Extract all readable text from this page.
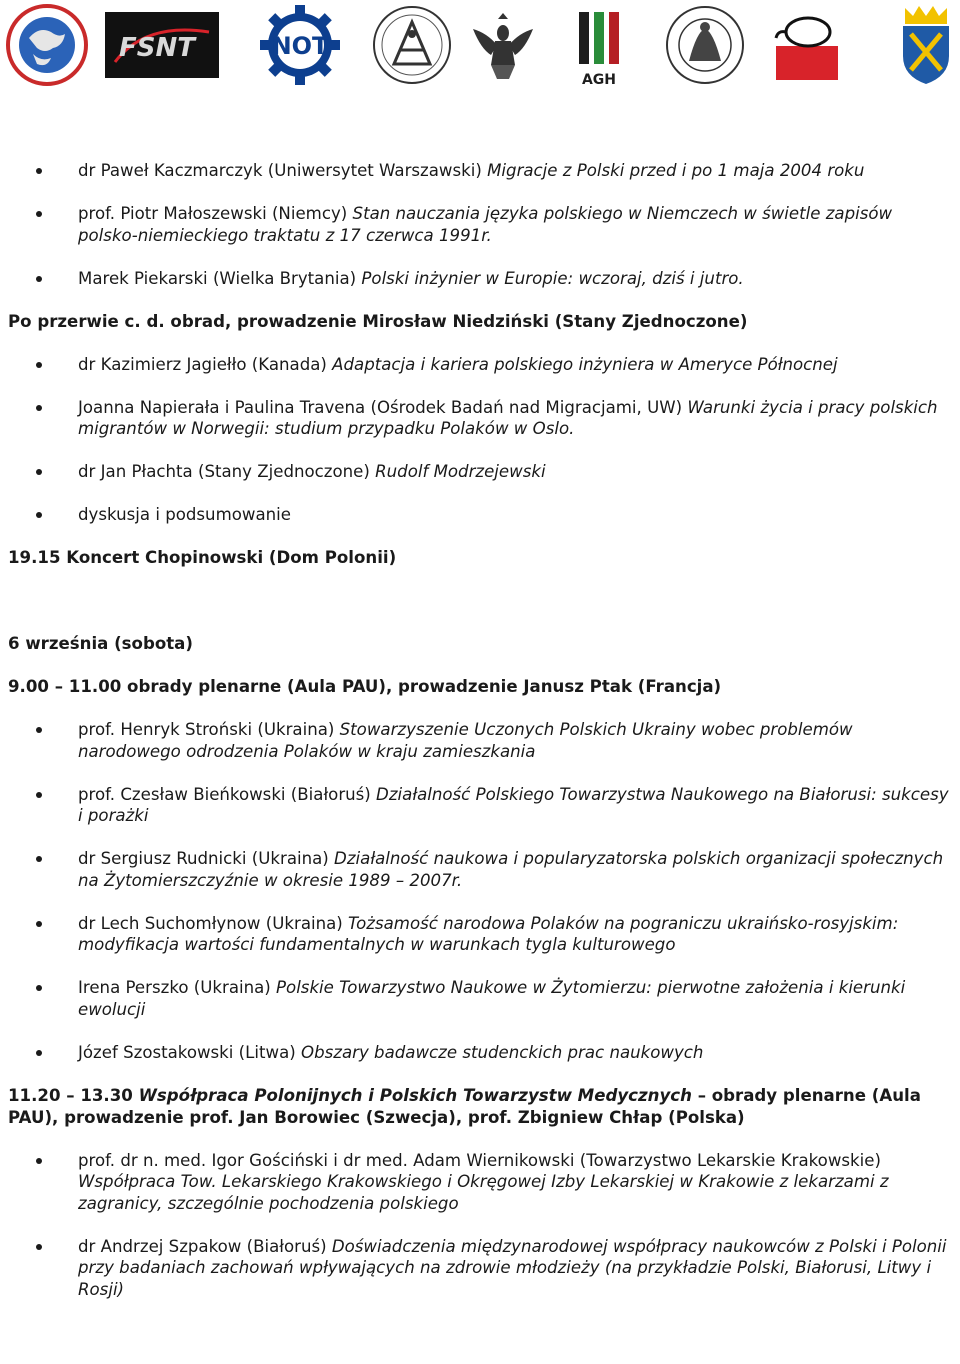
FSNT	NOT
AGH
dr Paweł Kaczmarczyk (Uniwersytet Warszawski) Migracje z Polski przed i po 1 maja 2004 roku
prof. Piotr Małoszewski (Niemcy) Stan nauczania języka polskiego w Niemczech w świetle zapisów polsko-niemieckiego traktatu z 17 czerwca 1991r.
Marek Piekarski (Wielka Brytania) Polski inżynier w Europie: wczoraj, dziś i jutro.

Po przerwie c. d. obrad, prowadzenie Mirosław Niedziński (Stany Zjednoczone)

dr Kazimierz Jagiełło (Kanada) Adaptacja i kariera polskiego inżyniera w Ameryce Północnej
Joanna Napierała i Paulina Travena (Ośrodek Badań nad Migracjami, UW) Warunki życia i pracy polskich migrantów w Norwegii: studium przypadku Polaków w Oslo.
dr Jan Płachta (Stany Zjednoczone) Rudolf Modrzejewski
dyskusja i podsumowanie

19.15 Koncert Chopinowski (Dom Polonii)

6 września (sobota)

9.00 – 11.00 obrady plenarne (Aula PAU), prowadzenie Janusz Ptak (Francja)

prof. Henryk Stroński (Ukraina) Stowarzyszenie Uczonych Polskich Ukrainy wobec problemów narodowego odrodzenia Polaków w kraju zamieszkania
prof. Czesław Bieńkowski (Białoruś) Działalność Polskiego Towarzystwa Naukowego na Białorusi: sukcesy i porażki
dr Sergiusz Rudnicki (Ukraina) Działalność naukowa i popularyzatorska polskich organizacji społecznych na Żytomierszczyźnie w okresie 1989 – 2007r.
dr Lech Suchomłynow (Ukraina) Tożsamość narodowa Polaków na pograniczu ukraińsko-rosyjskim: modyfikacja wartości fundamentalnych w warunkach tygla kulturowego
Irena Perszko (Ukraina) Polskie Towarzystwo Naukowe w Żytomierzu: pierwotne założenia i kierunki ewolucji
Józef Szostakowski (Litwa) Obszary badawcze studenckich prac naukowych

11.20 – 13.30 Współpraca Polonijnych i Polskich Towarzystw Medycznych – obrady plenarne (Aula PAU), prowadzenie prof. Jan Borowiec (Szwecja), prof. Zbigniew Chłap (Polska)

prof. dr n. med. Igor Gościński i dr med. Adam Wiernikowski (Towarzystwo Lekarskie Krakowskie) Współpraca Tow. Lekarskiego Krakowskiego i Okręgowej Izby Lekarskiej w Krakowie z lekarzami z zagranicy, szczególnie pochodzenia polskiego
dr Andrzej Szpakow (Białoruś) Doświadczenia międzynarodowej współpracy naukowców z Polski i Polonii przy badaniach zachowań wpływających na zdrowie młodzieży (na przykładzie Polski, Białorusi, Litwy i Rosji)
